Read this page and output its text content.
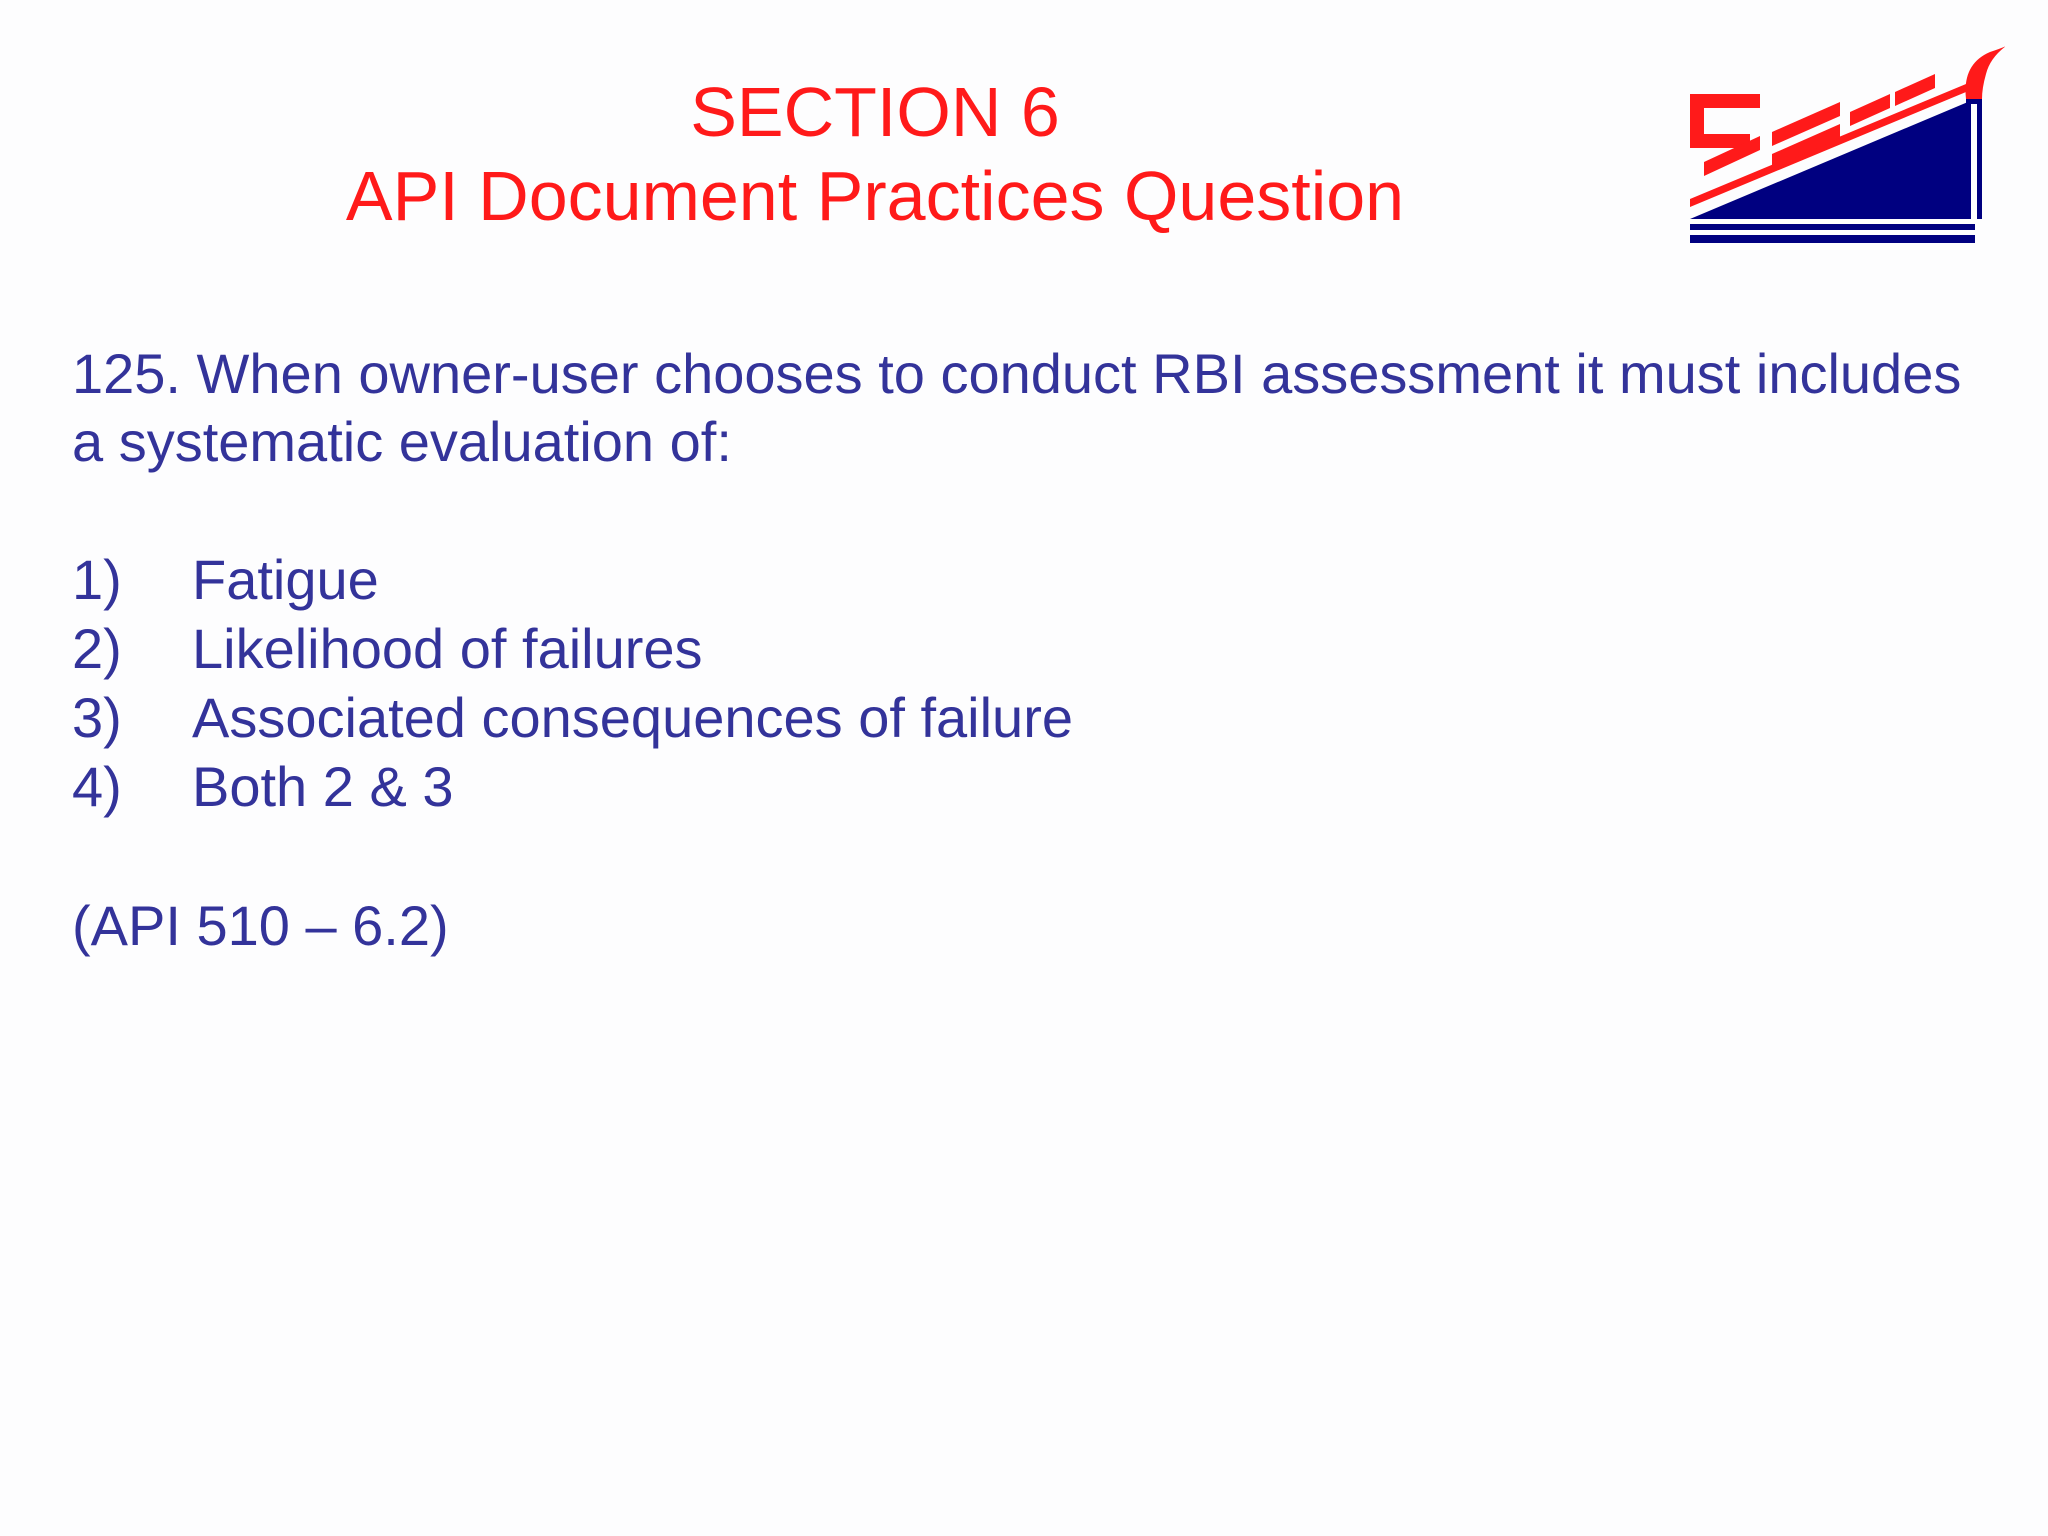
SECTION 6
API Document Practices Question

125. When owner-user chooses to conduct RBI assessment it must includes a systematic evaluation of:

1)	Fatigue
2)	Likelihood of failures
3)	Associated consequences of failure
4)	Both 2 & 3
(API 510 – 6.2)
